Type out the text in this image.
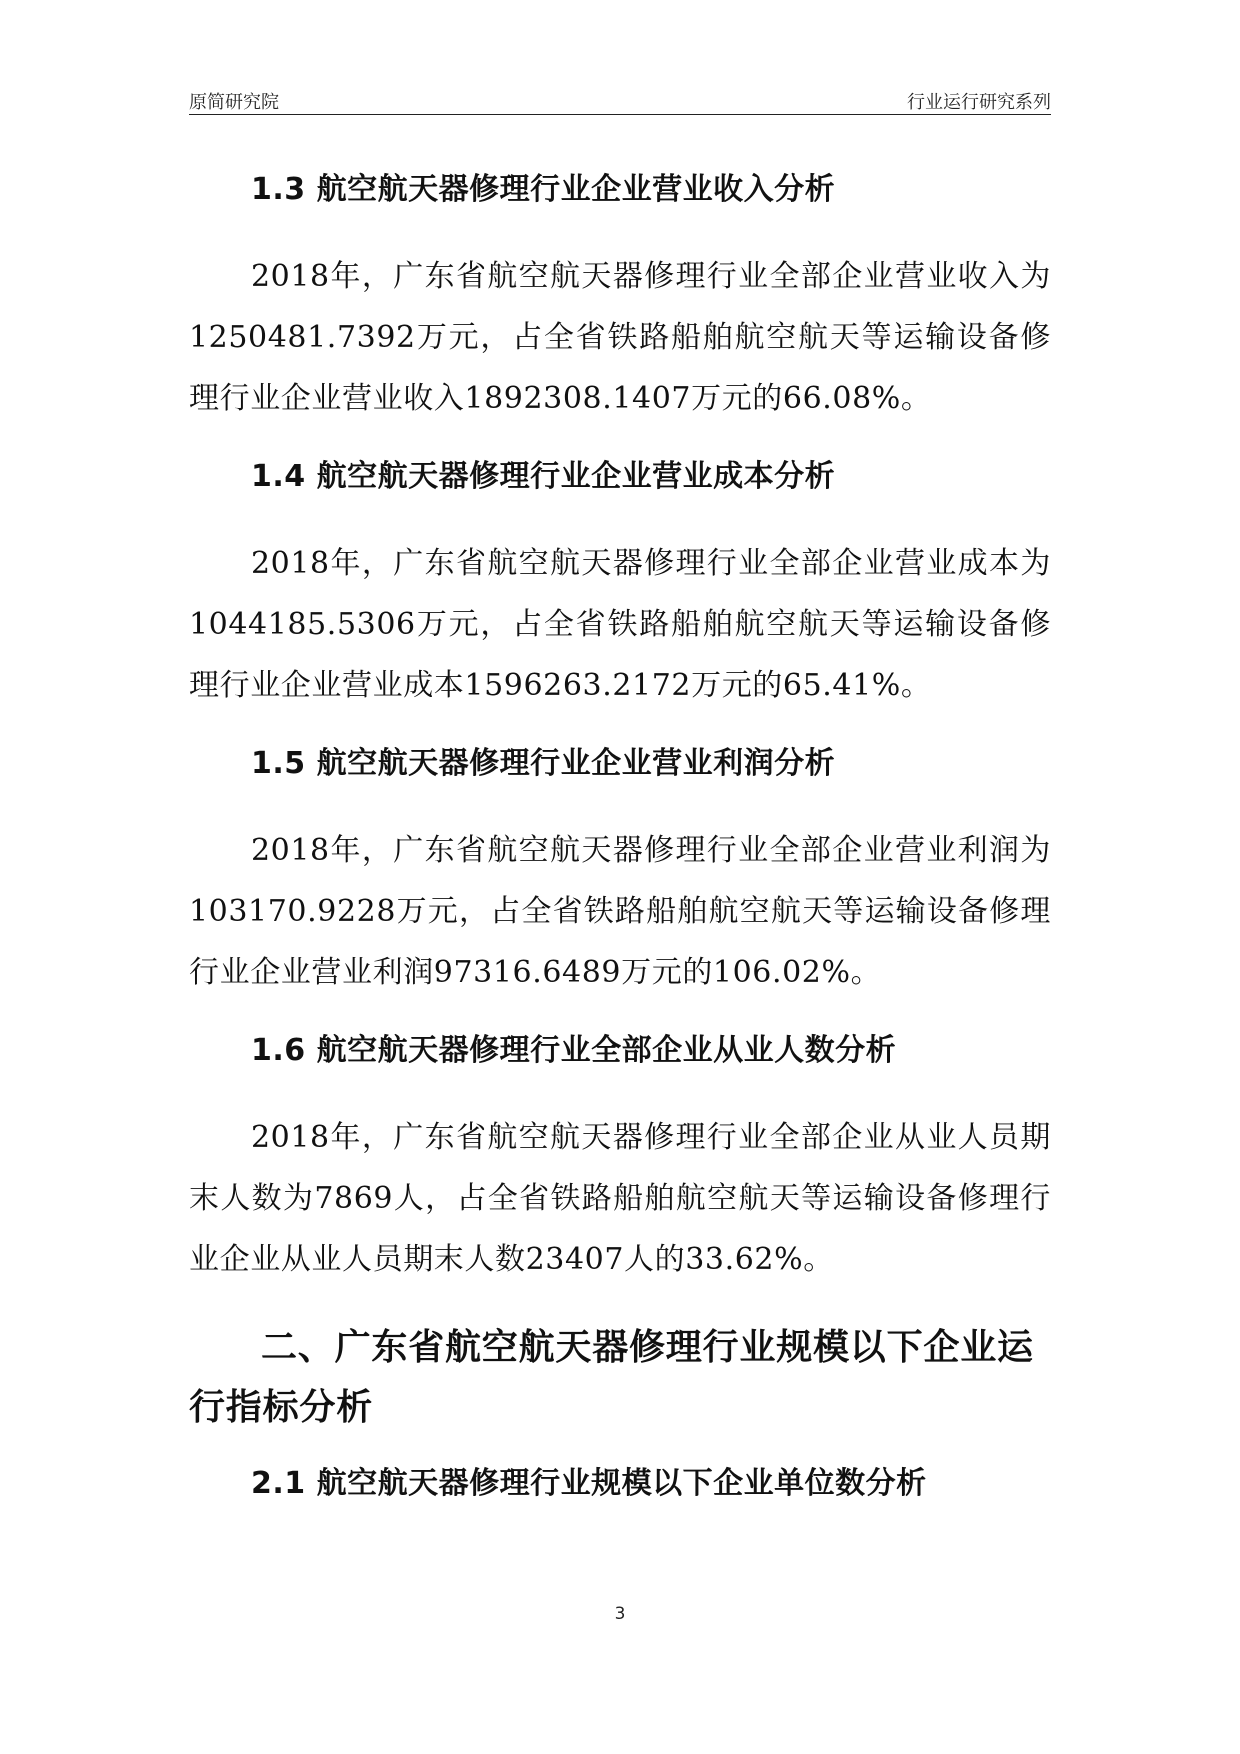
原简研究院	行业运行研究系列
1.3 航空航天器修理行业企业营业收入分析

2018年，广东省航空航天器修理行业全部企业营业收入为1250481.7392万元，占全省铁路船舶航空航天等运输设备修理行业企业营业收入1892308.1407万元的66.08%。

1.4 航空航天器修理行业企业营业成本分析

2018年，广东省航空航天器修理行业全部企业营业成本为1044185.5306万元，占全省铁路船舶航空航天等运输设备修理行业企业营业成本1596263.2172万元的65.41%。

1.5 航空航天器修理行业企业营业利润分析

2018年，广东省航空航天器修理行业全部企业营业利润为103170.9228万元，占全省铁路船舶航空航天等运输设备修理行业企业营业利润97316.6489万元的106.02%。

1.6 航空航天器修理行业全部企业从业人数分析

2018年，广东省航空航天器修理行业全部企业从业人员期末人数为7869人，占全省铁路船舶航空航天等运输设备修理行业企业从业人员期末人数23407人的33.62%。

二、广东省航空航天器修理行业规模以下企业运行指标分析
2.1 航空航天器修理行业规模以下企业单位数分析
3
